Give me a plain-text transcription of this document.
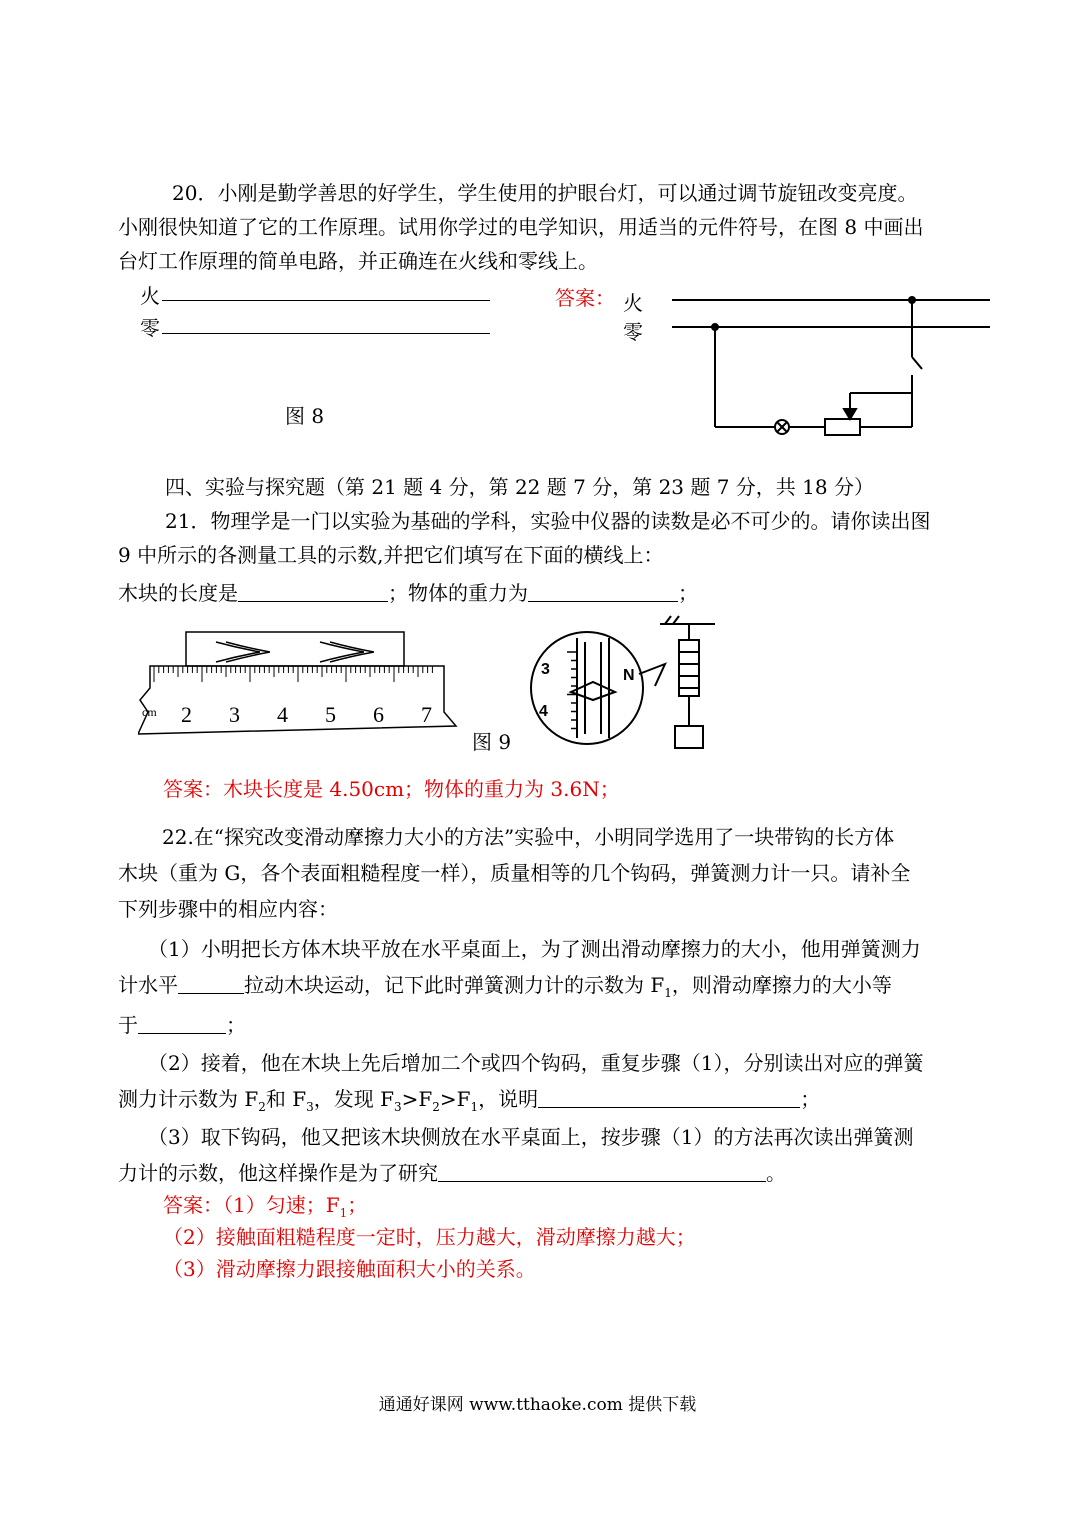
20．小刚是勤学善思的好学生，学生使用的护眼台灯，可以通过调节旋钮改变亮度。
小刚很快知道了它的工作原理。试用你学过的电学知识，用适当的元件符号，在图 8 中画出
台灯工作原理的简单电路，并正确连在火线和零线上。
火
零
图 8
答案： 火
零
四、实验与探究题（第 21 题 4 分，第 22 题 7 分，第 23 题 7 分，共 18 分）
21．物理学是一门以实验为基础的学科，实验中仪器的读数是必不可少的。请你读出图
9 中所示的各测量工具的示数,并把它们填写在下面的横线上：
木块的长度是	；物体的重力为	；
cm 2 3 4 5 6 7
图 9
3
4
N
答案：木块长度是 4.50cm；物体的重力为 3.6N；
22.在“探究改变滑动摩擦力大小的方法”实验中，小明同学选用了一块带钩的长方体
木块（重为 G，各个表面粗糙程度一样），质量相等的几个钩码，弹簧测力计一只。请补全
下列步骤中的相应内容：
（1）小明把长方体木块平放在水平桌面上，为了测出滑动摩擦力的大小，他用弹簧测力
计水平	拉动木块运动，记下此时弹簧测力计的示数为 $F_1$，则滑动摩擦力的大小等
于	；
（2）接着，他在木块上先后增加二个或四个钩码，重复步骤（1），分别读出对应的弹簧
测力计示数为 $F_2$和 $F_3$，发现 $F_3>F_2>F_1$，说明	；
（3）取下钩码，他又把该木块侧放在水平桌面上，按步骤（1）的方法再次读出弹簧测
力计的示数，他这样操作是为了研究	。
答案：（1）匀速；$F_1$；
（2）接触面粗糙程度一定时，压力越大，滑动摩擦力越大；
（3）滑动摩擦力跟接触面积大小的关系。
通通好课网 www.tthaoke.com 提供下载
